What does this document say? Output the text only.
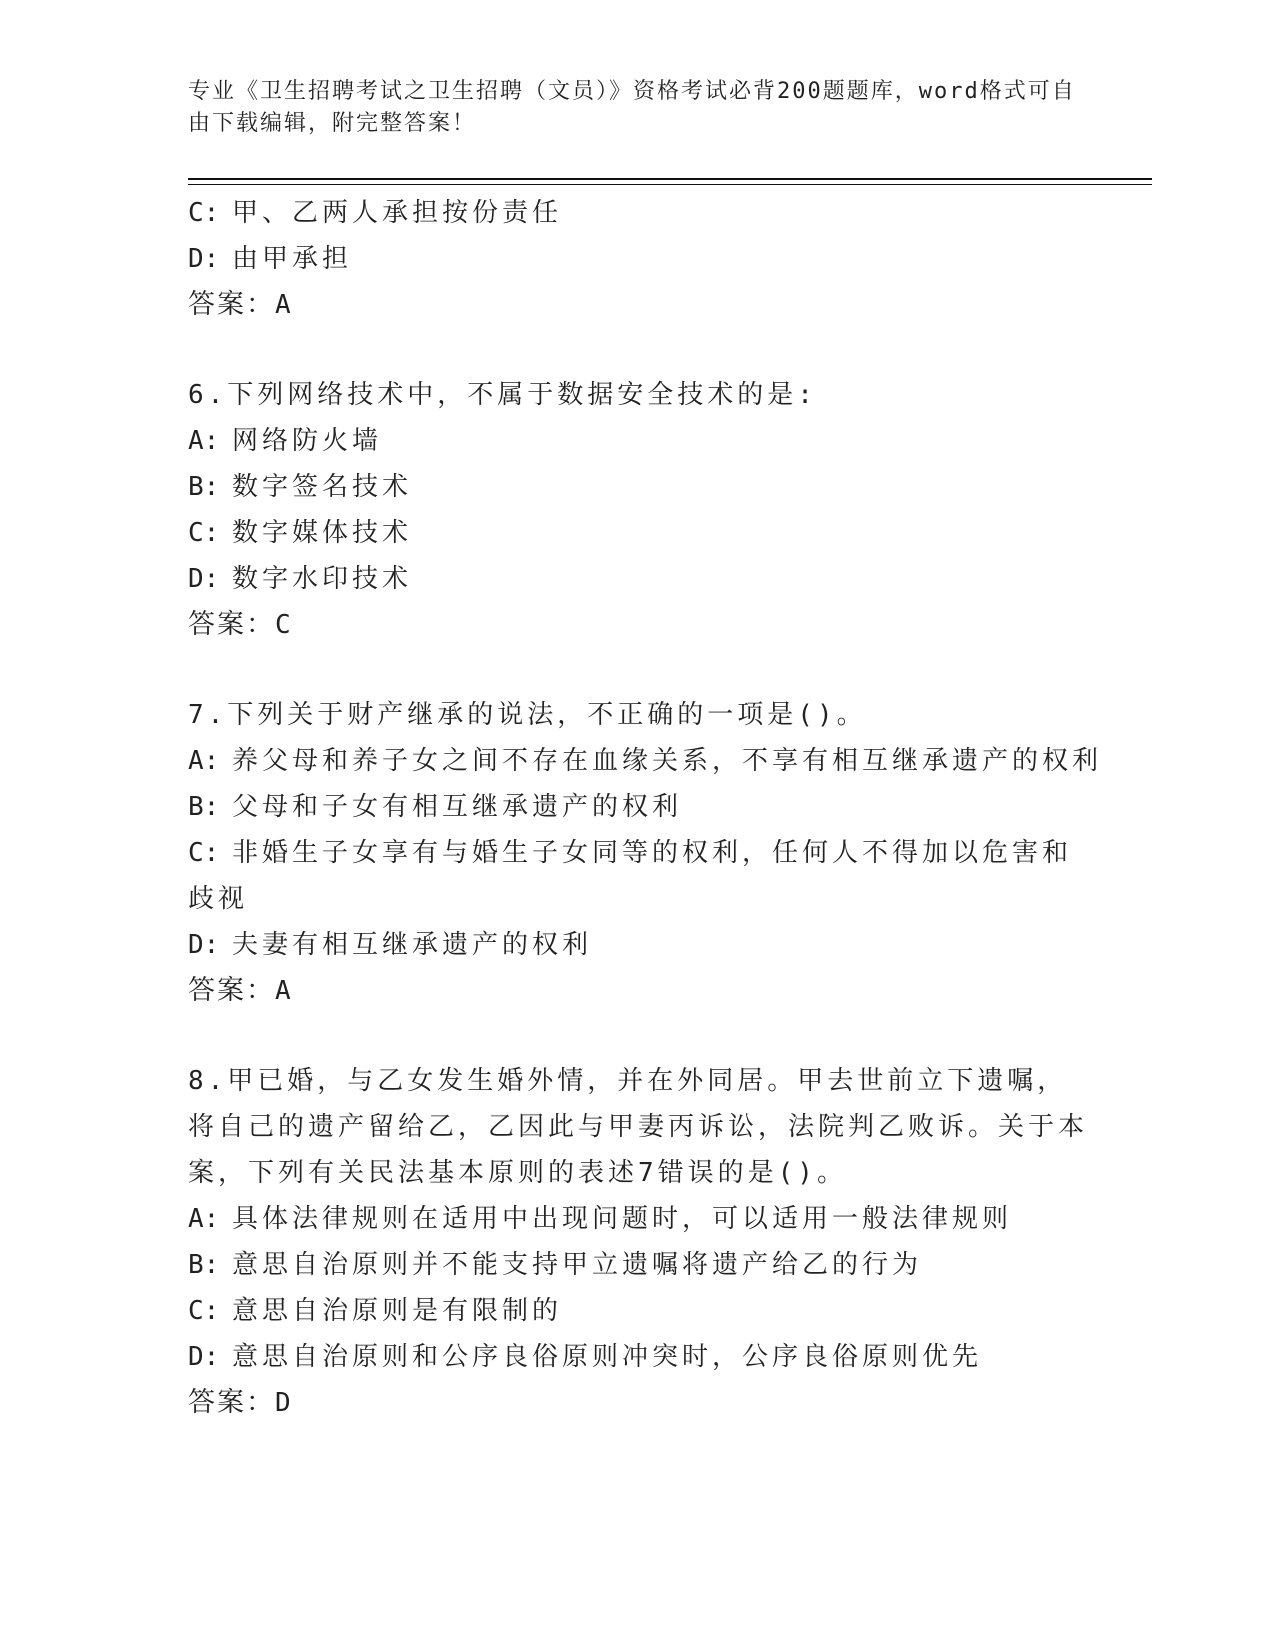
专业《卫生招聘考试之卫生招聘（文员）》资格考试必背200题题库，word格式可自由下载编辑，附完整答案！
C: 甲、乙两人承担按份责任
D: 由甲承担
答案：A
6.下列网络技术中，不属于数据安全技术的是:
A: 网络防火墙
B: 数字签名技术
C: 数字媒体技术
D: 数字水印技术
答案：C
7.下列关于财产继承的说法，不正确的一项是()。
A: 养父母和养子女之间不存在血缘关系，不享有相互继承遗产的权利
B: 父母和子女有相互继承遗产的权利
C: 非婚生子女享有与婚生子女同等的权利，任何人不得加以危害和歧视
D: 夫妻有相互继承遗产的权利
答案：A
8.甲已婚，与乙女发生婚外情，并在外同居。甲去世前立下遗嘱，将自己的遗产留给乙，乙因此与甲妻丙诉讼，法院判乙败诉。关于本案，下列有关民法基本原则的表述7错误的是()。
A: 具体法律规则在适用中出现问题时，可以适用一般法律规则
B: 意思自治原则并不能支持甲立遗嘱将遗产给乙的行为
C: 意思自治原则是有限制的
D: 意思自治原则和公序良俗原则冲突时，公序良俗原则优先
答案：D
